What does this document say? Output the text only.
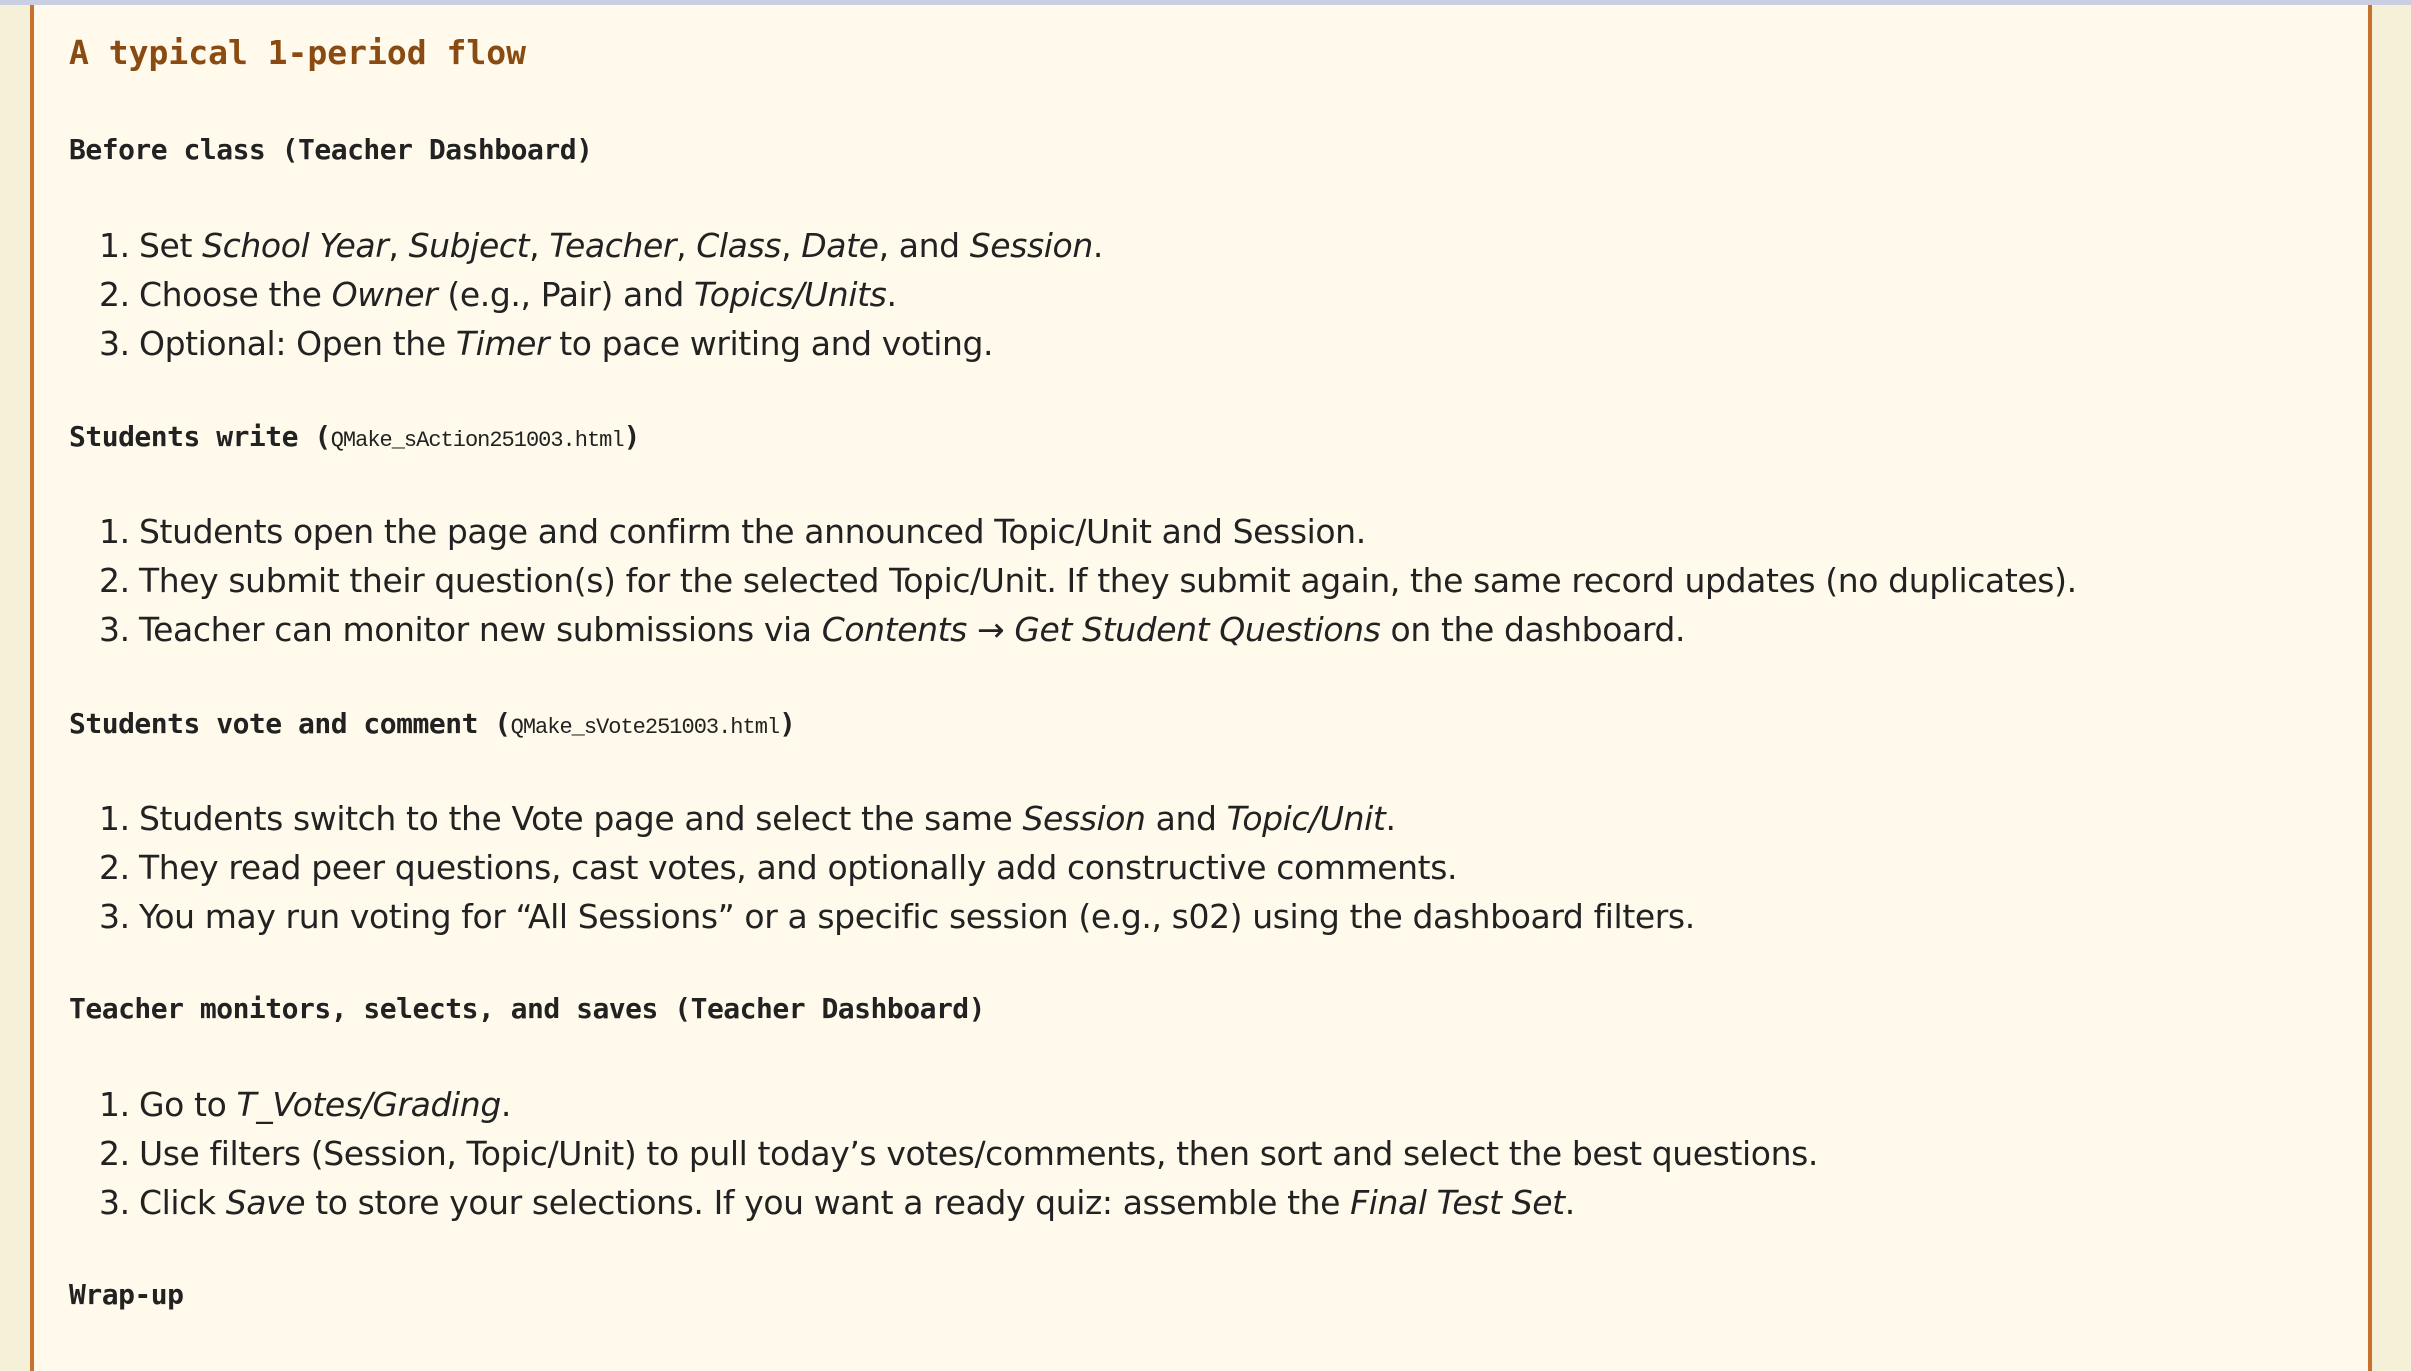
A typical 1-period flow
Before class (Teacher Dashboard)
1. Set School Year, Subject, Teacher, Class, Date, and Session.
2. Choose the Owner (e.g., Pair) and Topics/Units.
3. Optional: Open the Timer to pace writing and voting.
Students write (QMake_sAction251003.html)
1. Students open the page and confirm the announced Topic/Unit and Session.
2. They submit their question(s) for the selected Topic/Unit. If they submit again, the same record updates (no duplicates).
3. Teacher can monitor new submissions via Contents → Get Student Questions on the dashboard.
Students vote and comment (QMake_sVote251003.html)
1. Students switch to the Vote page and select the same Session and Topic/Unit.
2. They read peer questions, cast votes, and optionally add constructive comments.
3. You may run voting for “All Sessions” or a specific session (e.g., s02) using the dashboard filters.
Teacher monitors, selects, and saves (Teacher Dashboard)
1. Go to T_Votes/Grading.
2. Use filters (Session, Topic/Unit) to pull today’s votes/comments, then sort and select the best questions.
3. Click Save to store your selections. If you want a ready quiz: assemble the Final Test Set.
Wrap-up
